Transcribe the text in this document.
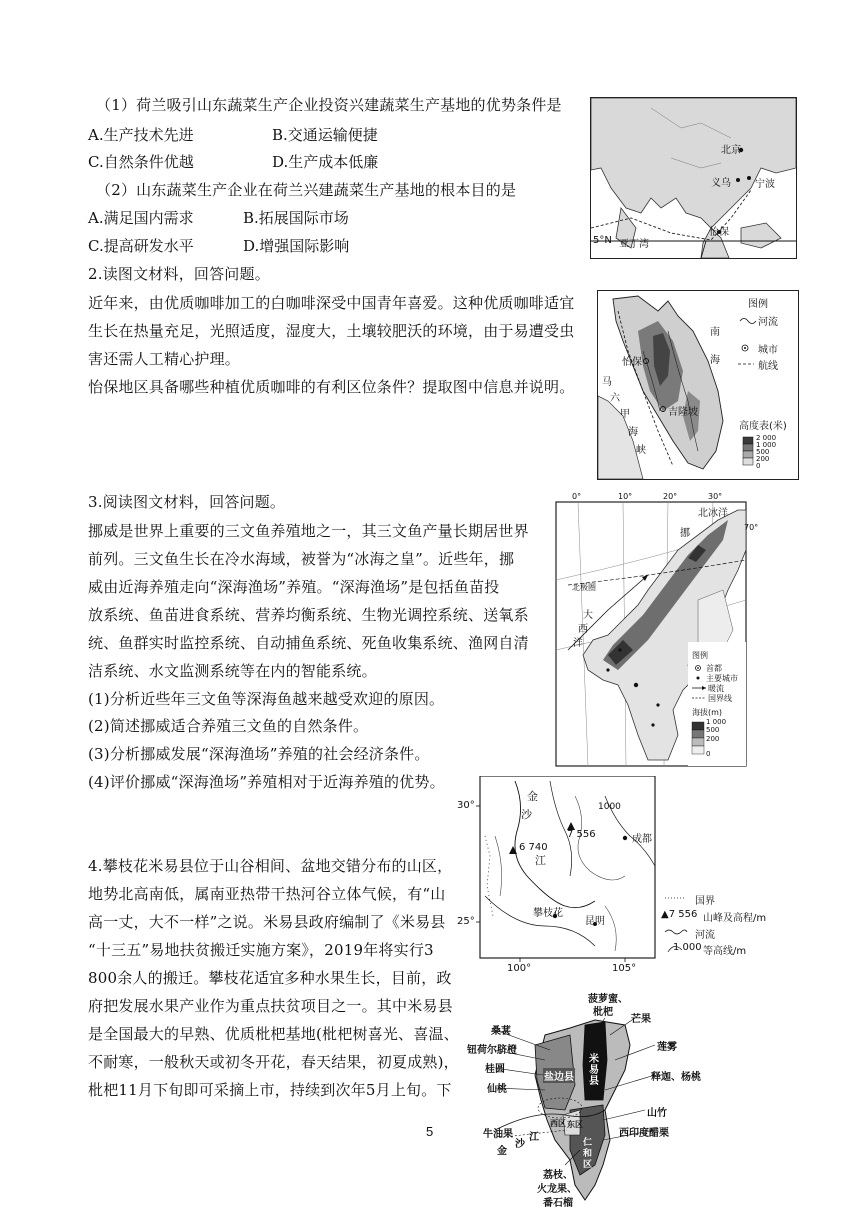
（1）荷兰吸引山东蔬菜生产企业投资兴建蔬菜生产基地的优势条件是
A.生产技术先进	B.交通运输便捷
C.自然条件优越	D.生产成本低廉
（2）山东蔬菜生产企业在荷兰兴建蔬菜生产基地的根本目的是
A.满足国内需求	B.拓展国际市场
C.提高研发水平	D.增强国际影响
2.读图文材料，回答问题。
近年来，由优质咖啡加工的白咖啡深受中国青年喜爱。这种优质咖啡适宜
生长在热量充足，光照适度，湿度大，土壤较肥沃的环境，由于易遭受虫
害还需人工精心护理。
怡保地区具备哪些种植优质咖啡的有利区位条件？提取图中信息并说明。
3.阅读图文材料，回答问题。
挪威是世界上重要的三文鱼养殖地之一，其三文鱼产量长期居世界
前列。三文鱼生长在冷水海域，被誉为“冰海之皇”。近些年，挪
威由近海养殖走向“深海渔场”养殖。“深海渔场”是包括鱼苗投
放系统、鱼苗进食系统、营养均衡系统、生物光调控系统、送氧系
统、鱼群实时监控系统、自动捕鱼系统、死鱼收集系统、渔网自清
洁系统、水文监测系统等在内的智能系统。
(1)分析近些年三文鱼等深海鱼越来越受欢迎的原因。
(2)简述挪威适合养殖三文鱼的自然条件。
(3)分析挪威发展“深海渔场”养殖的社会经济条件。
(4)评价挪威“深海渔场”养殖相对于近海养殖的优势。
4.攀枝花米易县位于山谷相间、盆地交错分布的山区，
地势北高南低，属南亚热带干热河谷立体气候，有“山
高一丈，大不一样”之说。米易县政府编制了《米易县
“十三五”易地扶贫搬迁实施方案》，2019年将实行3
800余人的搬迁。攀枝花适宜多种水果生长，目前，政
府把发展水果产业作为重点扶贫项目之一。其中米易县
是全国最大的早熟、优质枇杷基地(枇杷树喜光、喜温、
不耐寒，一般秋天或初冬开花，春天结果，初夏成熟)，
枇杷11月下旬即可采摘上市，持续到次年5月上旬。下
5
北京
义乌 宁波
怡保
5°N 亚丁湾
图例
河流
城市
航线
南
海
马
六
甲
海
峡
怡保
吉隆坡
高度表(米)
2 000
1 000
500
200
0
0°	10°	20°	30°
70°
北冰洋
北极圈
大
西
洋
挪
图例
首都
主要城市
暖流
国界线
海拔(m)
1 000
500
200
0
金
沙
江
成都
攀枝花
昆明
6 740
7 556
1000
30°
25°
100°	105°
国界
▲7 556 山峰及高程/m
河流
1 000 等高线/m
菠萝蜜、
枇杷
芒果
桑葚
钮荷尔脐橙
桂圆
仙桃
牛油果
金
沙
江
莲雾
释迦、杨桃
山竹
西印度醋栗
荔枝、
火龙果、
番石榴
盐边县
米易县
仁和区
东区
西区
